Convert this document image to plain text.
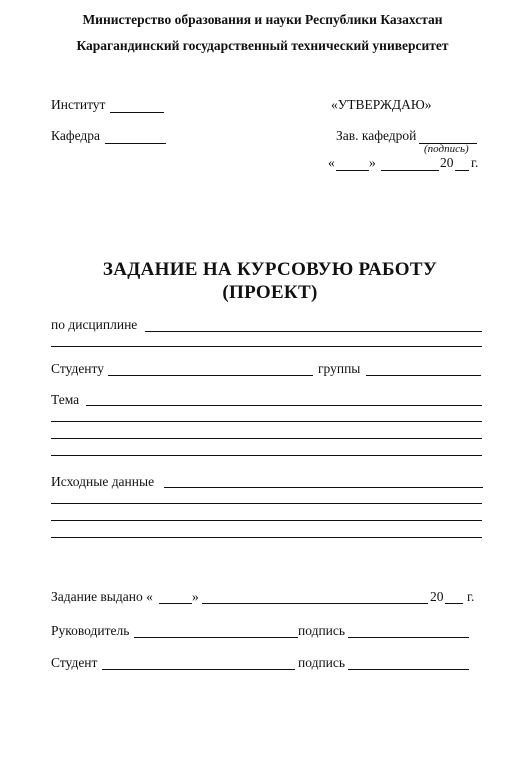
Министерство образования и науки Республики Казахстан
Карагандинский государственный технический университет
Институт
Кафедра
«УТВЕРЖДАЮ»
Зав. кафедрой
(подпись)
«	»	20 г.
ЗАДАНИЕ НА КУРСОВУЮ РАБОТУ
(ПРОЕКТ)
по дисциплине
Студенту	группы
Тема
Исходные данные
Задание выдано «	»	20 г.
Руководитель	подпись
Студент	подпись
